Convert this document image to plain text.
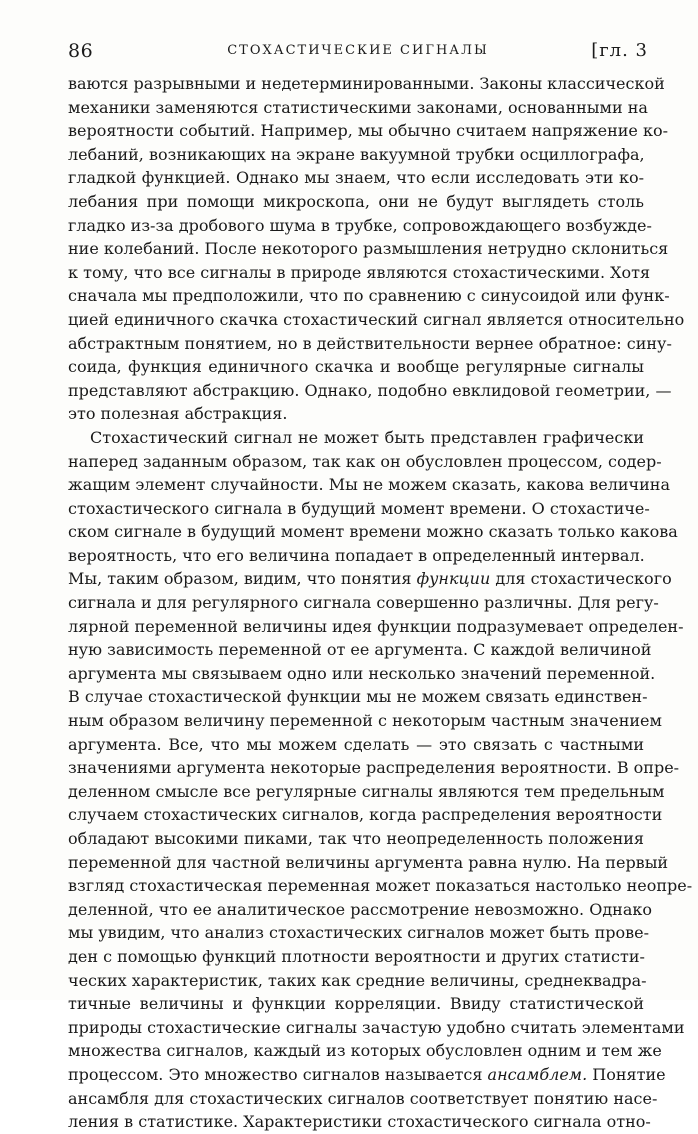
86	СТОХАСТИЧЕСКИЕ СИГНАЛЫ	[гл. 3
ваются разрывными и недетерминированными. Законы классической
механики заменяются статистическими законами, основанными на
вероятности событий. Например, мы обычно считаем напряжение ко-
лебаний, возникающих на экране вакуумной трубки осциллографа,
гладкой функцией. Однако мы знаем, что если исследовать эти ко-
лебания при помощи микроскопа, они не будут выглядеть столь
гладко из-за дробового шума в трубке, сопровождающего возбужде-
ние колебаний. После некоторого размышления нетрудно склониться
к тому, что все сигналы в природе являются стохастическими. Хотя
сначала мы предположили, что по сравнению с синусоидой или функ-
цией единичного скачка стохастический сигнал является относительно
абстрактным понятием, но в действительности вернее обратное: сину-
соида, функция единичного скачка и вообще регулярные сигналы
представляют абстракцию. Однако, подобно евклидовой геометрии, —
это полезная абстракция.
Стохастический сигнал не может быть представлен графически
наперед заданным образом, так как он обусловлен процессом, содер-
жащим элемент случайности. Мы не можем сказать, какова величина
стохастического сигнала в будущий момент времени. О стохастиче-
ском сигнале в будущий момент времени можно сказать только какова
вероятность, что его величина попадает в определенный интервал.
Мы, таким образом, видим, что понятия функции для стохастического
сигнала и для регулярного сигнала совершенно различны. Для регу-
лярной переменной величины идея функции подразумевает определен-
ную зависимость переменной от ее аргумента. С каждой величиной
аргумента мы связываем одно или несколько значений переменной.
В случае стохастической функции мы не можем связать единствен-
ным образом величину переменной с некоторым частным значением
аргумента. Все, что мы можем сделать — это связать с частными
значениями аргумента некоторые распределения вероятности. В опре-
деленном смысле все регулярные сигналы являются тем предельным
случаем стохастических сигналов, когда распределения вероятности
обладают высокими пиками, так что неопределенность положения
переменной для частной величины аргумента равна нулю. На первый
взгляд стохастическая переменная может показаться настолько неопре-
деленной, что ее аналитическое рассмотрение невозможно. Однако
мы увидим, что анализ стохастических сигналов может быть прове-
ден с помощью функций плотности вероятности и других статисти-
ческих характеристик, таких как средние величины, среднеквадра-
тичные величины и функции корреляции. Ввиду статистической
природы стохастические сигналы зачастую удобно считать элементами
множества сигналов, каждый из которых обусловлен одним и тем же
процессом. Это множество сигналов называется ансамблем. Понятие
ансамбля для стохастических сигналов соответствует понятию насе-
ления в статистике. Характеристики стохастического сигнала отно-
